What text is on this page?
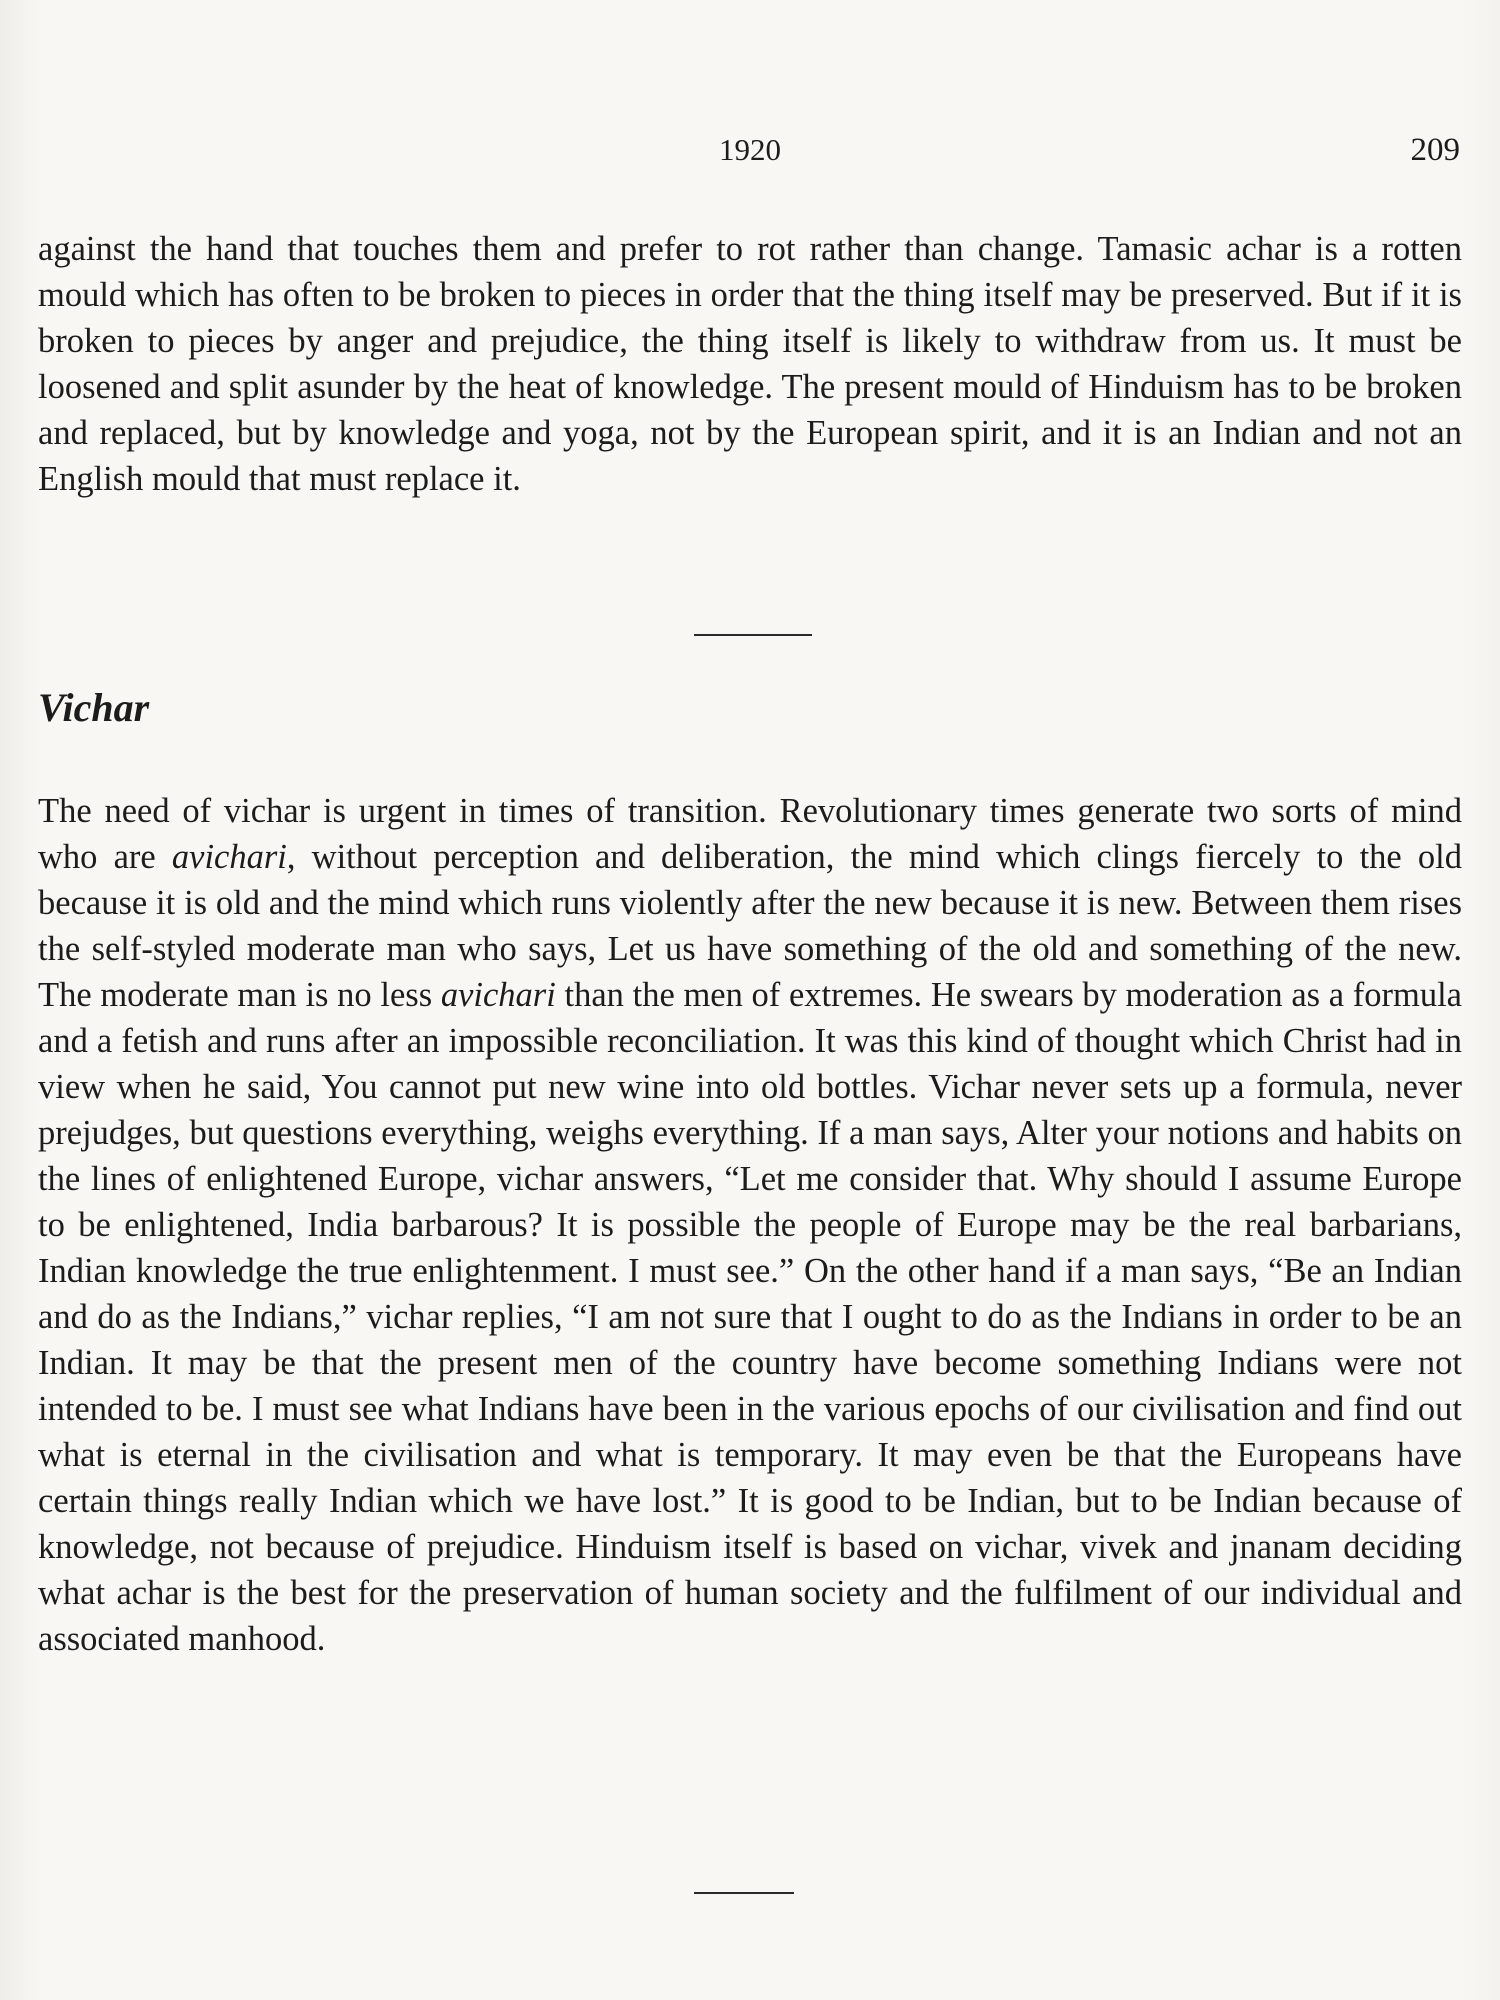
1920	209

against the hand that touches them and prefer to rot rather than change. Tamasic achar is a rotten mould which has often to be broken to pieces in order that the thing itself may be preserved. But if it is broken to pieces by anger and prejudice, the thing itself is likely to withdraw from us. It must be loosened and split asunder by the heat of knowledge. The present mould of Hinduism has to be broken and replaced, but by knowledge and yoga, not by the European spirit, and it is an Indian and not an English mould that must replace it.

Vichar

The need of vichar is urgent in times of transition. Revolutionary times generate two sorts of mind who are avichari, without perception and deliberation, the mind which clings fiercely to the old because it is old and the mind which runs violently after the new because it is new. Between them rises the self-styled moderate man who says, Let us have something of the old and something of the new. The moderate man is no less avichari than the men of extremes. He swears by moderation as a formula and a fetish and runs after an impossible reconciliation. It was this kind of thought which Christ had in view when he said, You cannot put new wine into old bottles. Vichar never sets up a formula, never prejudges, but questions everything, weighs everything. If a man says, Alter your notions and habits on the lines of enlightened Europe, vichar answers, “Let me consider that. Why should I assume Europe to be enlightened, India barbarous? It is possible the people of Europe may be the real barbarians, Indian knowledge the true enlightenment. I must see.” On the other hand if a man says, “Be an Indian and do as the Indians,” vichar replies, “I am not sure that I ought to do as the Indians in order to be an Indian. It may be that the present men of the country have become something Indians were not intended to be. I must see what Indians have been in the various epochs of our civilisation and find out what is eternal in the civilisation and what is temporary. It may even be that the Europeans have certain things really Indian which we have lost.” It is good to be Indian, but to be Indian because of knowledge, not because of prejudice. Hinduism itself is based on vichar, vivek and jnanam deciding what achar is the best for the preservation of human society and the fulfilment of our individual and associated manhood.
